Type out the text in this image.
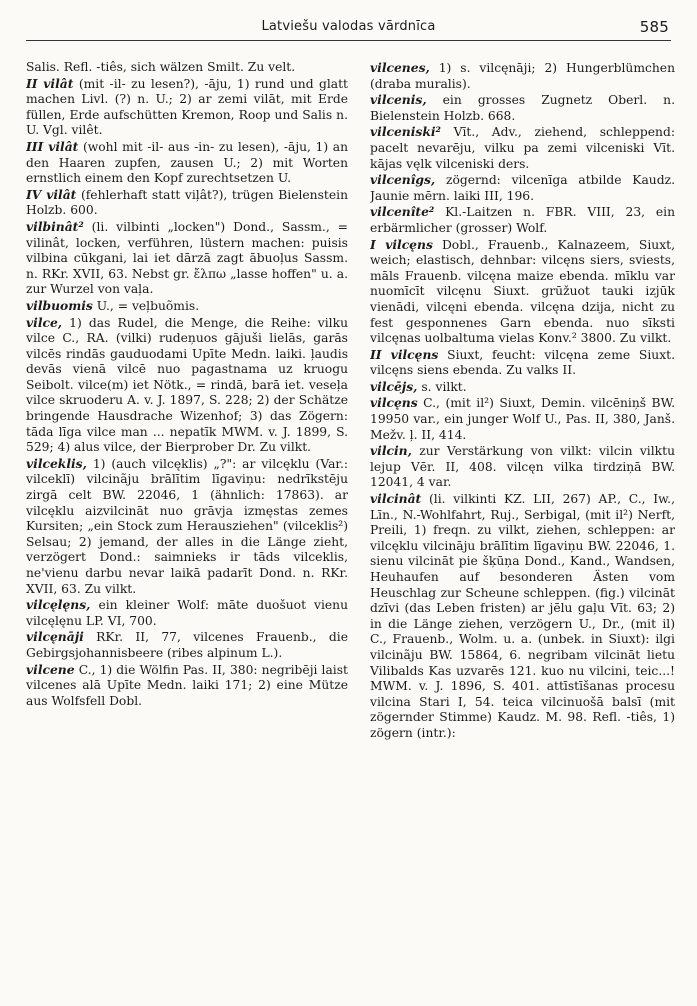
Latviešu valodas vārdnīca	585
Salis. Refl. -tiês, sich wälzen Smilt. Zu velt.
II vilât (mit -il- zu lesen?), -āju, 1) rund und glatt machen Livl. (?) n. U.; 2) ar zemi vilāt, mit Erde füllen, Erde aufschütten Kremon, Roop und Salis n. U. Vgl. vilêt.
III vilât (wohl mit -il- aus -in- zu lesen), -āju, 1) an den Haaren zupfen, zausen U.; 2) mit Worten ernstlich einem den Kopf zurechtsetzen U.
IV vilât (fehlerhaft statt viļât?), trügen Bielenstein Holzb. 600.
vilbinât² (li. vilbinti „locken") Dond., Sassm., = vilinât, locken, verführen, lüstern machen: puisis vilbina cūkgani, lai iet dārzā zagt ābuoļus Sassm. n. RKr. XVII, 63. Nebst gr. ἔλπω „lasse hoffen" u. a. zur Wurzel von vaļa.
vilbuomis U., = veļbuõmis.
vilce, 1) das Rudel, die Menge, die Reihe: vilku vilce C., RA. (vilki) rudeņuos gājuši lielās, garās vilcēs rindās gauduodami Upīte Medn. laiki. ļaudis devās vienā vilcē nuo pagastnama uz kruogu Seibolt. vilce(m) iet Nötk., = rindā, barā iet. veseļa vilce skruoderu A. v. J. 1897, S. 228; 2) der Schätze bringende Hausdrache Wizenhof; 3) das Zögern: tāda līga vilce man ... nepatīk MWM. v. J. 1899, S. 529; 4) alus vilce, der Bierprober Dr. Zu vilkt.
vilceklis, 1) (auch vilcęklis) „?": ar vilcęklu (Var.: vilceklī) vilcinãju brālītim līgaviņu: nedrīkstēju zirgā celt BW. 22046, 1 (ähnlich: 17863). ar vilcęklu aizvilcināt nuo grāvja izmęstas zemes Kursiten; „ein Stock zum Herausziehen" (vilceklis²) Selsau; 2) jemand, der alles in die Länge zieht, verzögert Dond.: saimnieks ir tāds vilceklis, ne'vienu darbu nevar laikā padarīt Dond. n. RKr. XVII, 63. Zu vilkt.
vilcęlęns, ein kleiner Wolf: māte duošuot vienu vilcęlęnu LP. VI, 700.
vilcęnāji RKr. II, 77, vilcenes Frauenb., die Gebirgsjohannisbeere (ribes alpinum L.).
vilcene C., 1) die Wölfin Pas. II, 380: negribēji laist vilcenes alā Upīte Medn. laiki 171; 2) eine Mütze aus Wolfsfell Dobl.
vilcenes, 1) s. vilcęnāji; 2) Hungerblümchen (draba muralis).
vilcenis, ein grosses Zugnetz Oberl. n. Bielenstein Holzb. 668.
vilceniski² Vīt., Adv., ziehend, schleppend: pacelt nevarēju, vilku pa zemi vilceniski Vīt. kājas vęlk vilceniski ders.
vilcenîgs, zögernd: vilcenīga atbilde Kaudz. Jaunie mērn. laiki III, 196.
vilcenîte² Kl.-Laitzen n. FBR. VIII, 23, ein erbärmlicher (grosser) Wolf.
I vilcęns Dobl., Frauenb., Kalnazeem, Siuxt, weich; elastisch, dehnbar: vilcęns siers, sviests, māls Frauenb. vilcęna maize ebenda. mīklu var nuomīcīt vilcęnu Siuxt. grūžuot tauki izjūk vienādi, vilcęni ebenda. vilcęna dzija, nicht zu fest gesponnenes Garn ebenda. nuo sīksti vilcęnas uolbaltuma vielas Konv.² 3800. Zu vilkt.
II vilcęns Siuxt, feucht: vilcęna zeme Siuxt. vilcęns siens ebenda. Zu valks II.
vilcējs, s. vilkt.
vilcęns C., (mit il²) Siuxt, Demin. vilcēniņš BW. 19950 var., ein junger Wolf U., Pas. II, 380, Janš. Mežv. ļ. II, 414.
vilcin, zur Verstärkung von vilkt: vilcin vilktu lejup Vēr. II, 408. vilcęn vilka tirdziņā BW. 12041, 4 var.
vilcinât (li. vilkinti KZ. LII, 267) AP., C., Iw., Līn., N.-Wohlfahrt, Ruj., Serbigal, (mit il²) Nerft, Preili, 1) freqn. zu vilkt, ziehen, schleppen: ar vilcęklu vilcināju brālītim līgaviņu BW. 22046, 1. sienu vilcināt pie šķūņa Dond., Kand., Wandsen, Heuhaufen auf besonderen Ästen vom Heuschlag zur Scheune schleppen. (fig.) vilcināt dzīvi (das Leben fristen) ar jēlu gaļu Vīt. 63; 2) in die Länge ziehen, verzögern U., Dr., (mit il) C., Frauenb., Wolm. u. a. (unbek. in Siuxt): ilgi vilcinãju BW. 15864, 6. negribam vilcināt lietu Vilibalds Kas uzvarēs 121. kuo nu vilcini, teic...! MWM. v. J. 1896, S. 401. attīstīšanas procesu vilcina Stari I, 54. teica vilcinuošā balsī (mit zögernder Stimme) Kaudz. M. 98. Refl. -tiês, 1) zögern (intr.):
